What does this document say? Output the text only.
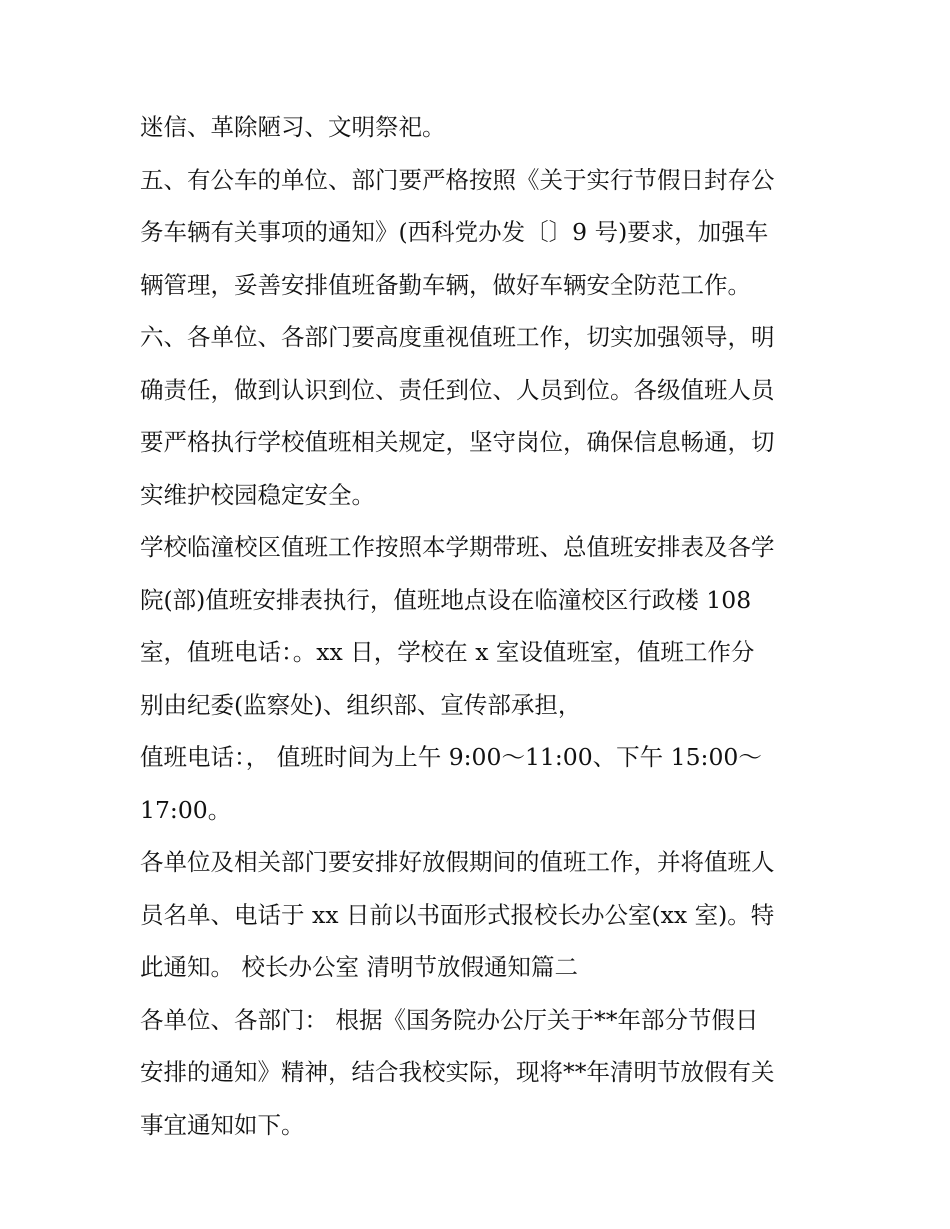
迷信、革除陋习、文明祭祀。
五、有公车的单位、部门要严格按照《关于实行节假日封存公
务车辆有关事项的通知》(西科党办发〔〕9 号)要求，加强车
辆管理，妥善安排值班备勤车辆，做好车辆安全防范工作。
六、各单位、各部门要高度重视值班工作，切实加强领导，明
确责任，做到认识到位、责任到位、人员到位。各级值班人员
要严格执行学校值班相关规定，坚守岗位，确保信息畅通，切
实维护校园稳定安全。
学校临潼校区值班工作按照本学期带班、总值班安排表及各学
院(部)值班安排表执行，值班地点设在临潼校区行政楼 108
室，值班电话：。xx 日，学校在 x 室设值班室，值班工作分
别由纪委(监察处)、组织部、宣传部承担，
值班电话：， 值班时间为上午 9:00～11:00、下午 15:00～
17:00。
各单位及相关部门要安排好放假期间的值班工作，并将值班人
员名单、电话于 xx 日前以书面形式报校长办公室(xx 室)。特
此通知。 校长办公室 清明节放假通知篇二
各单位、各部门： 根据《国务院办公厅关于**年部分节假日
安排的通知》精神，结合我校实际，现将**年清明节放假有关
事宜通知如下。
